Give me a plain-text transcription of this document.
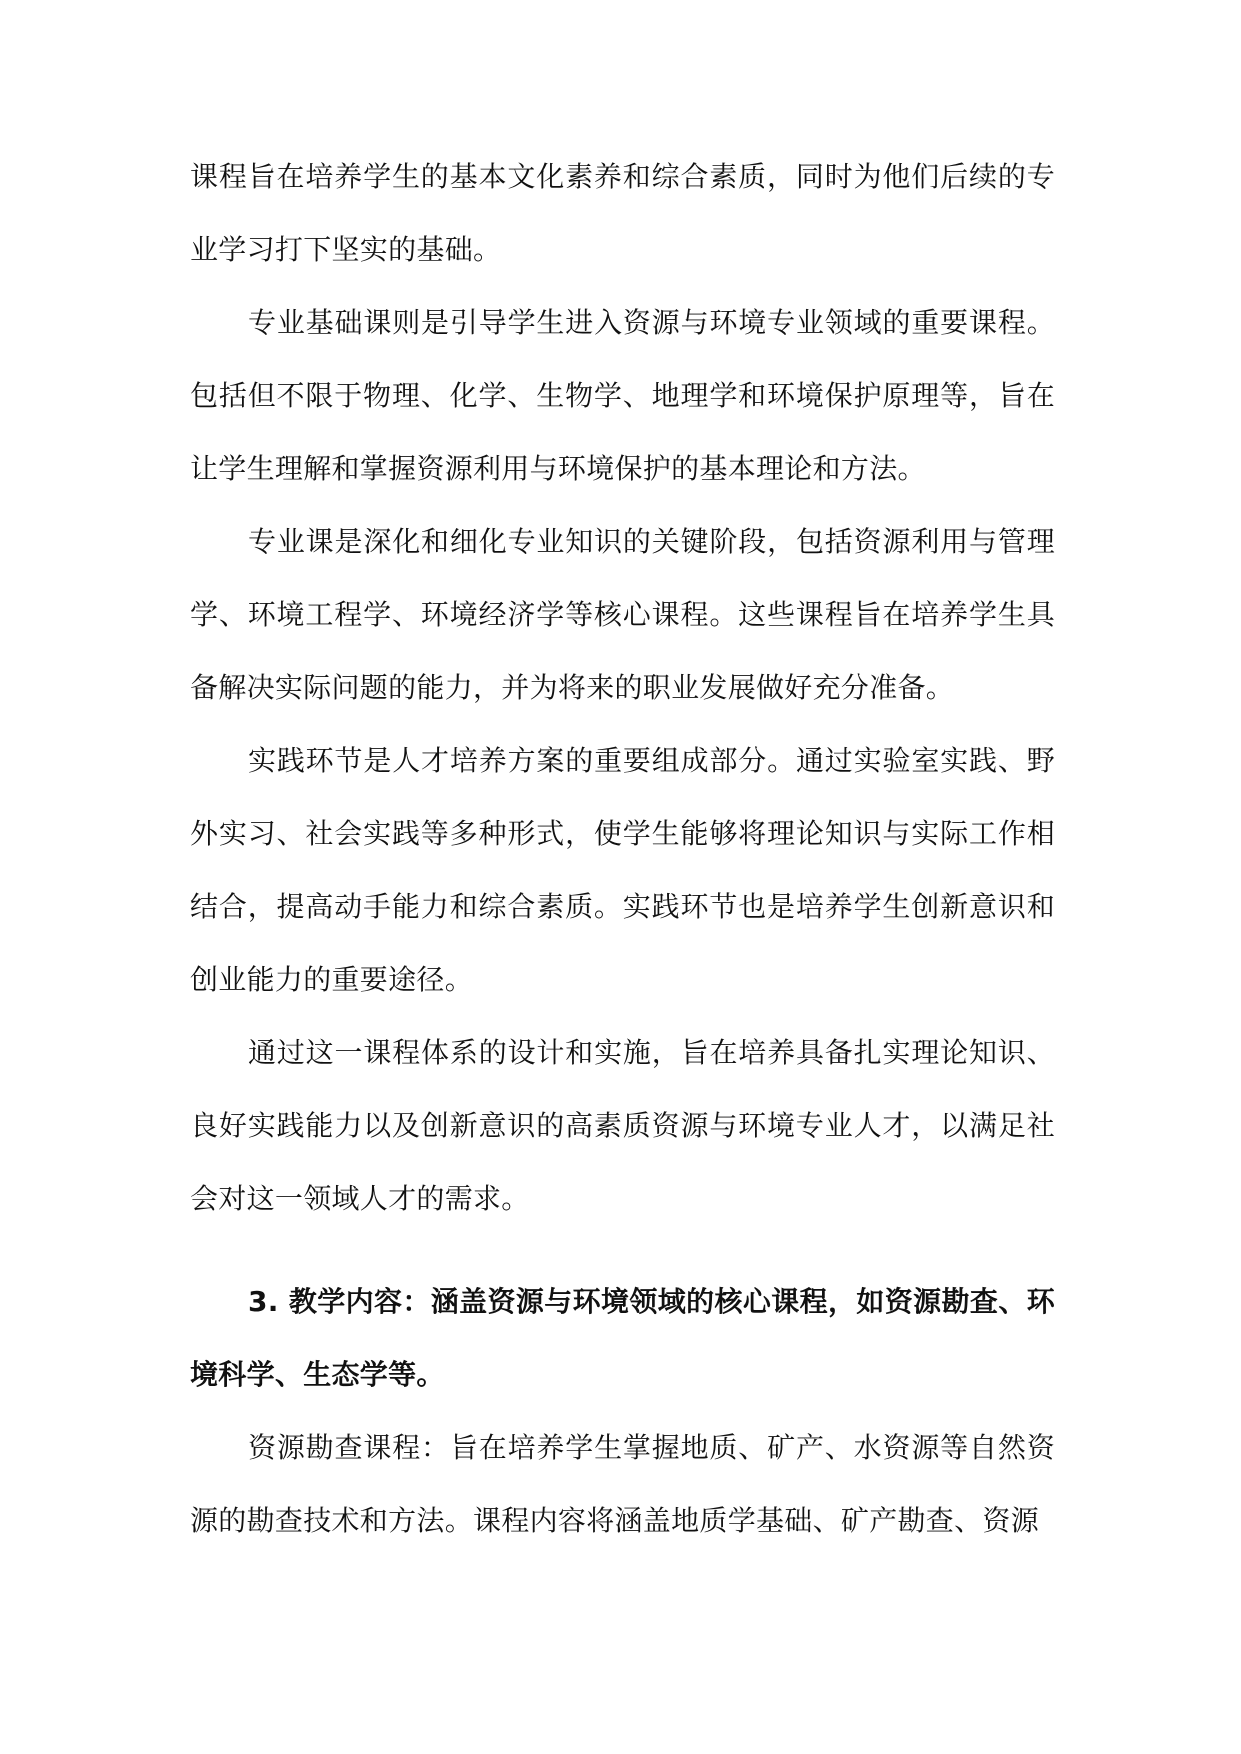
课程旨在培养学生的基本文化素养和综合素质，同时为他们后续的专业学习打下坚实的基础。

专业基础课则是引导学生进入资源与环境专业领域的重要课程。包括但不限于物理、化学、生物学、地理学和环境保护原理等，旨在让学生理解和掌握资源利用与环境保护的基本理论和方法。

专业课是深化和细化专业知识的关键阶段，包括资源利用与管理学、环境工程学、环境经济学等核心课程。这些课程旨在培养学生具备解决实际问题的能力，并为将来的职业发展做好充分准备。

实践环节是人才培养方案的重要组成部分。通过实验室实践、野外实习、社会实践等多种形式，使学生能够将理论知识与实际工作相结合，提高动手能力和综合素质。实践环节也是培养学生创新意识和创业能力的重要途径。

通过这一课程体系的设计和实施，旨在培养具备扎实理论知识、良好实践能力以及创新意识的高素质资源与环境专业人才，以满足社会对这一领域人才的需求。

3. 教学内容：涵盖资源与环境领域的核心课程，如资源勘查、环境科学、生态学等。

资源勘查课程：旨在培养学生掌握地质、矿产、水资源等自然资源的勘查技术和方法。课程内容将涵盖地质学基础、矿产勘查、资源
